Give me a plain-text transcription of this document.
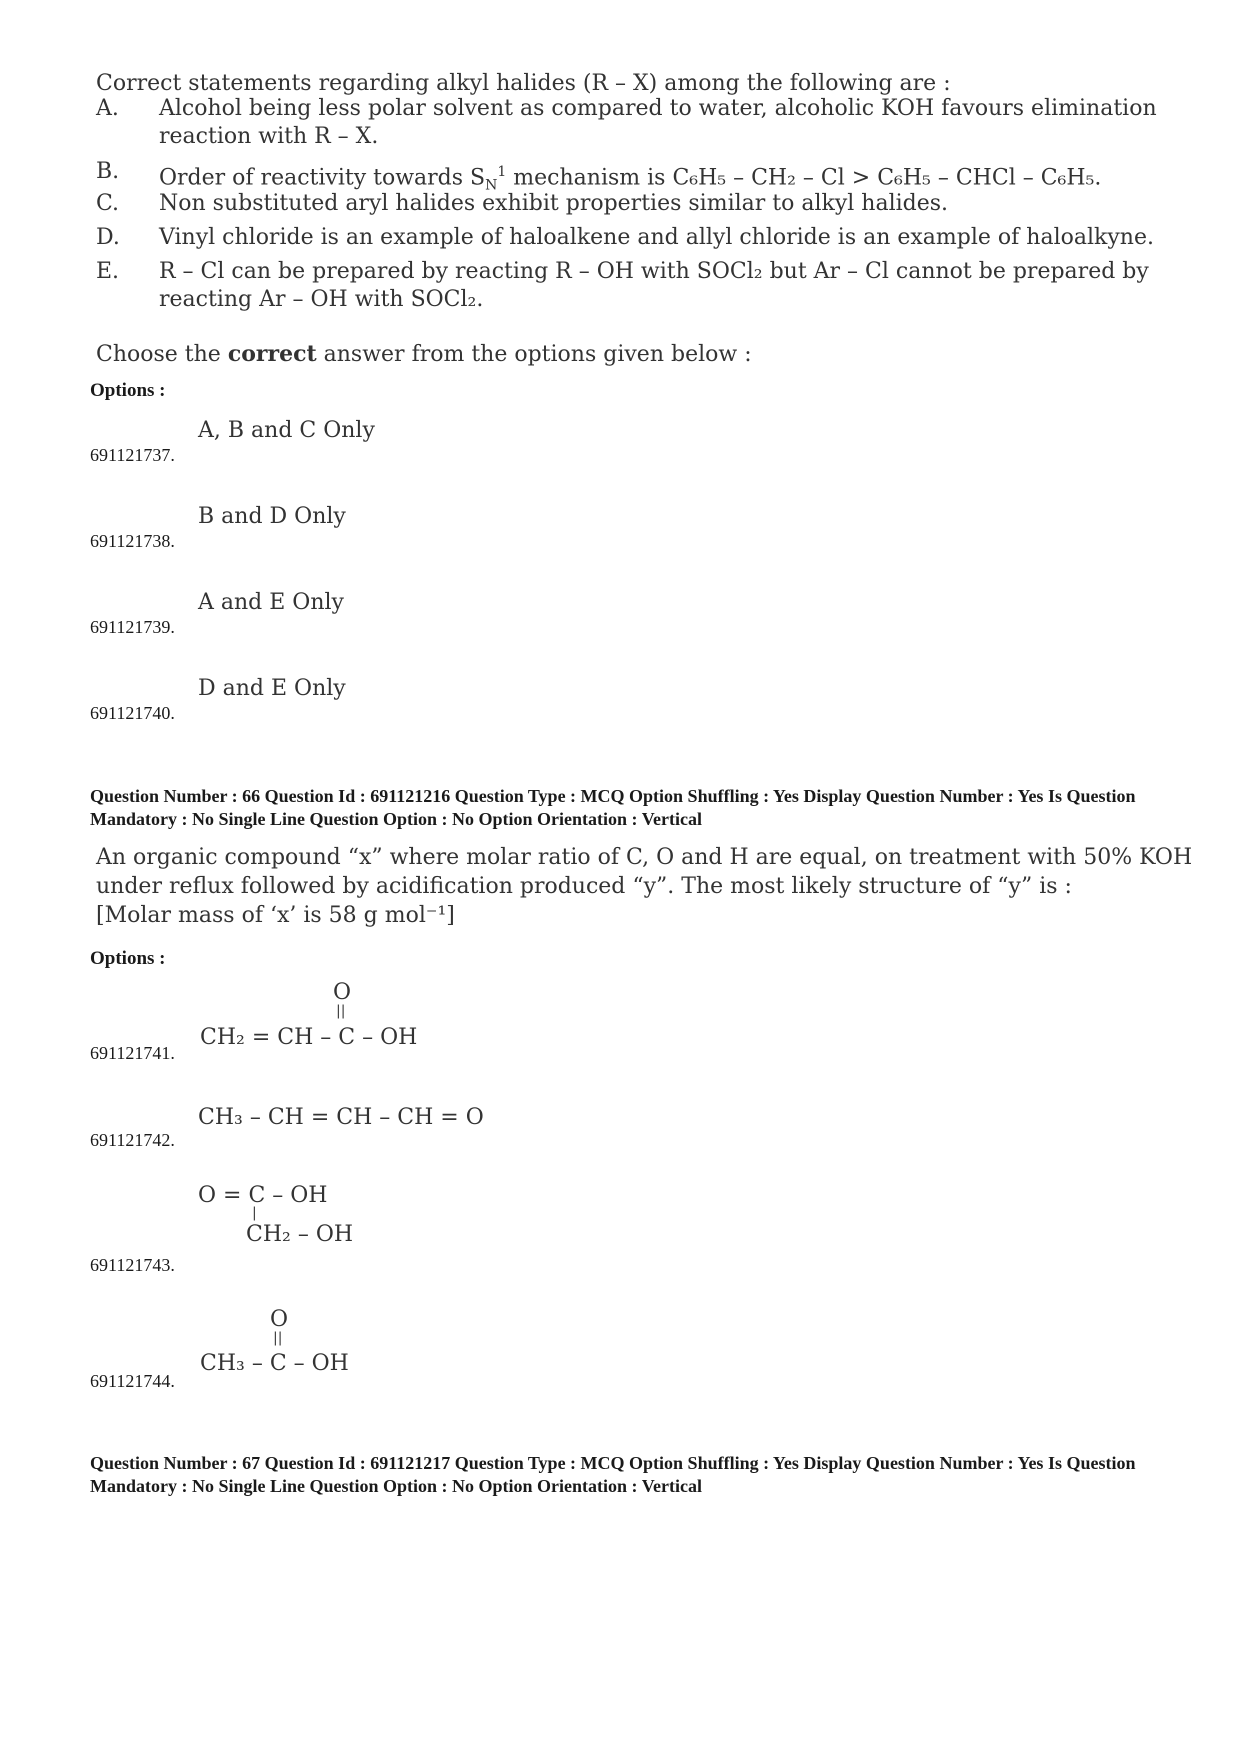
Correct statements regarding alkyl halides (R – X) among the following are :
A. Alcohol being less polar solvent as compared to water, alcoholic KOH favours elimination reaction with R – X.
B. Order of reactivity towards $S_N^1$ mechanism is C₆H₅ – CH₂ – Cl > C₆H₅ – CHCl – C₆H₅.
C. Non substituted aryl halides exhibit properties similar to alkyl halides.
D. Vinyl chloride is an example of haloalkene and allyl chloride is an example of haloalkyne.
E. R – Cl can be prepared by reacting R – OH with SOCl₂ but Ar – Cl cannot be prepared by reacting Ar – OH with SOCl₂.
Choose the correct answer from the options given below :
Options :
A, B and C Only
691121737.
B and D Only
691121738.
A and E Only
691121739.
D and E Only
691121740.
Question Number : 66 Question Id : 691121216 Question Type : MCQ Option Shuffling : Yes Display Question Number : Yes Is Question Mandatory : No Single Line Question Option : No Option Orientation : Vertical
An organic compound “x” where molar ratio of C, O and H are equal, on treatment with 50% KOH
under reflux followed by acidification produced “y”. The most likely structure of “y” is :
[Molar mass of ‘x’ is 58 g mol⁻¹]
Options :
O
||
CH₂ = CH – C – OH
691121741.
CH₃ – CH = CH – CH = O
691121742.
O = C – OH
|
CH₂ – OH
691121743.
O
||
CH₃ – C – OH
691121744.
Question Number : 67 Question Id : 691121217 Question Type : MCQ Option Shuffling : Yes Display Question Number : Yes Is Question Mandatory : No Single Line Question Option : No Option Orientation : Vertical
